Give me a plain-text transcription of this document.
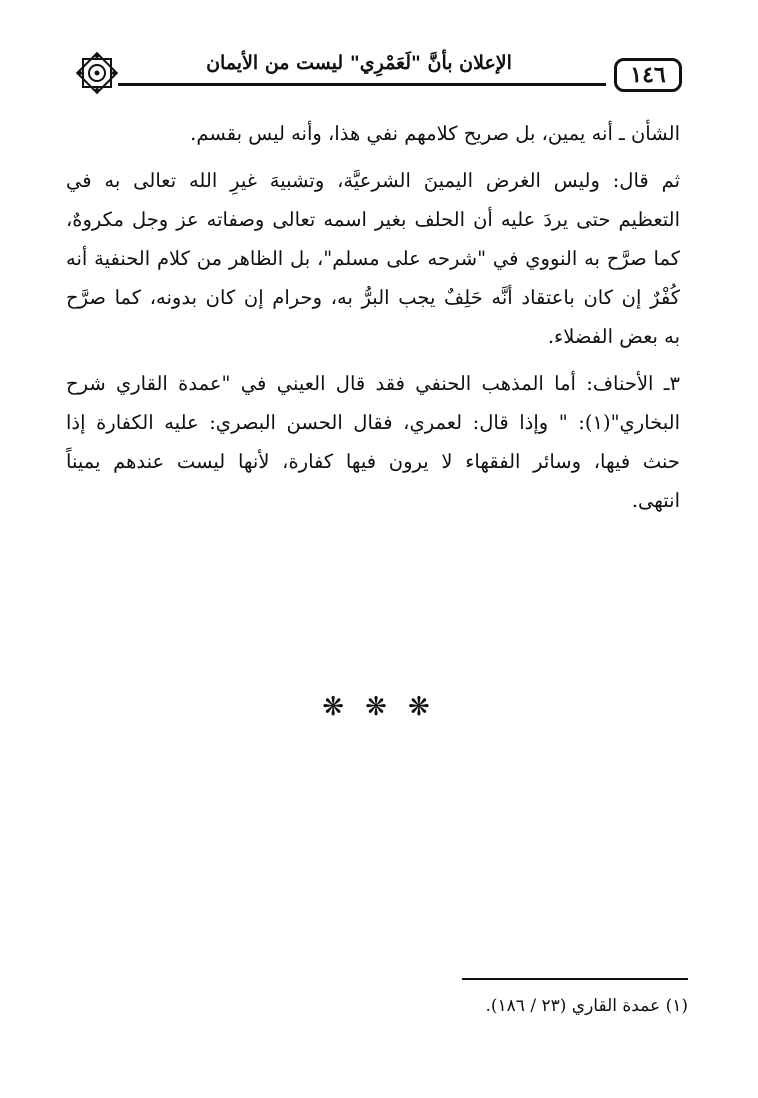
الإعلان بأنَّ "لَعَمْرِي" ليست من الأيمان	١٤٦
الشأن ـ أنه يمين، بل صريح كلامهم نفي هذا، وأنه ليس بقسم.
ثم قال: وليس الغرض اليمينَ الشرعيَّة، وتشبيهَ غيرِ الله تعالى به في
التعظيم حتى يردَ عليه أن الحلف بغير اسمه تعالى وصفاته عز وجل مكروهٌ،
كما صرَّح به النووي في "شرحه على مسلم"، بل الظاهر من كلام الحنفية أنه
كُفْرٌ إن كان باعتقاد أنَّه حَلِفٌ يجب البرُّ به، وحرام إن كان بدونه، كما صرَّح
به بعض الفضلاء.
٣ـ الأحناف: أما المذهب الحنفي فقد قال العيني في "عمدة القاري شرح
البخاري"(١): " وإذا قال: لعمري، فقال الحسن البصري: عليه الكفارة إذا
حنث فيها، وسائر الفقهاء لا يرون فيها كفارة، لأنها ليست عندهم يميناً
انتهى.
❋ ❋ ❋
(١) عمدة القاري (٢٣ / ١٨٦).
